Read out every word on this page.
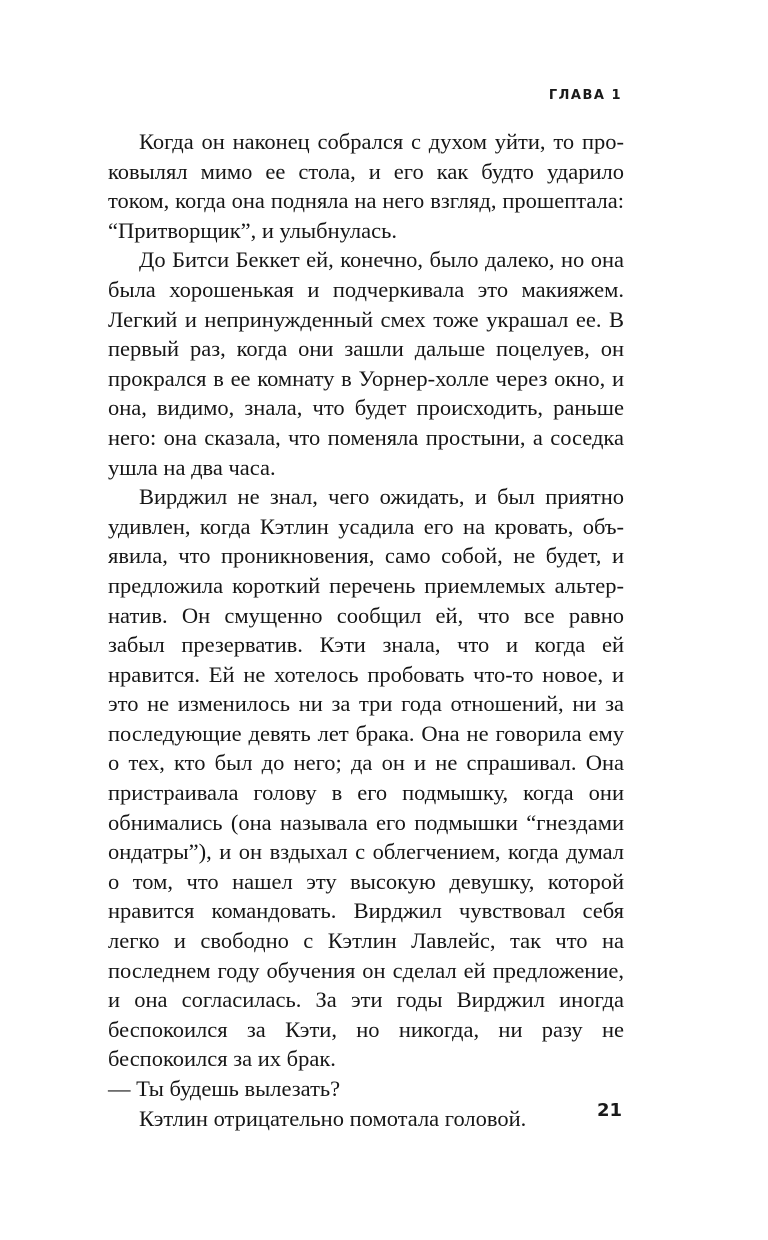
ГЛАВА 1

Когда он наконец собрался с духом уйти, то проковылял мимо ее стола, и его как будто ударило током, когда она подняла на него взгляд, прошептала: “Притворщик”, и улыбнулась.

До Битси Беккет ей, конечно, было далеко, но она была хорошенькая и подчеркивала это макияжем. Легкий и непринужденный смех тоже украшал ее. В первый раз, когда они зашли дальше поцелуев, он прокрался в ее комнату в Уорнер-холле через окно, и она, видимо, знала, что будет происходить, раньше него: она сказала, что поменяла простыни, а соседка ушла на два часа.

Вирджил не знал, чего ожидать, и был приятно удивлен, когда Кэтлин усадила его на кровать, объявила, что проникновения, само собой, не будет, и предложила короткий перечень приемлемых альтернатив. Он смущенно сообщил ей, что все равно забыл презерватив. Кэти знала, что и когда ей нравится. Ей не хотелось пробовать что-то новое, и это не изменилось ни за три года отношений, ни за последующие девять лет брака. Она не говорила ему о тех, кто был до него; да он и не спрашивал. Она пристраивала голову в его подмышку, когда они обнимались (она называла его подмышки “гнездами ондатры”), и он вздыхал с облегчением, когда думал о том, что нашел эту высокую девушку, которой нравится командовать. Вирджил чувствовал себя легко и свободно с Кэтлин Лавлейс, так что на последнем году обучения он сделал ей предложение, и она согласилась. За эти годы Вирджил иногда беспокоился за Кэти, но никогда, ни разу не беспокоился за их брак.

— Ты будешь вылезать?

Кэтлин отрицательно помотала головой.	21
